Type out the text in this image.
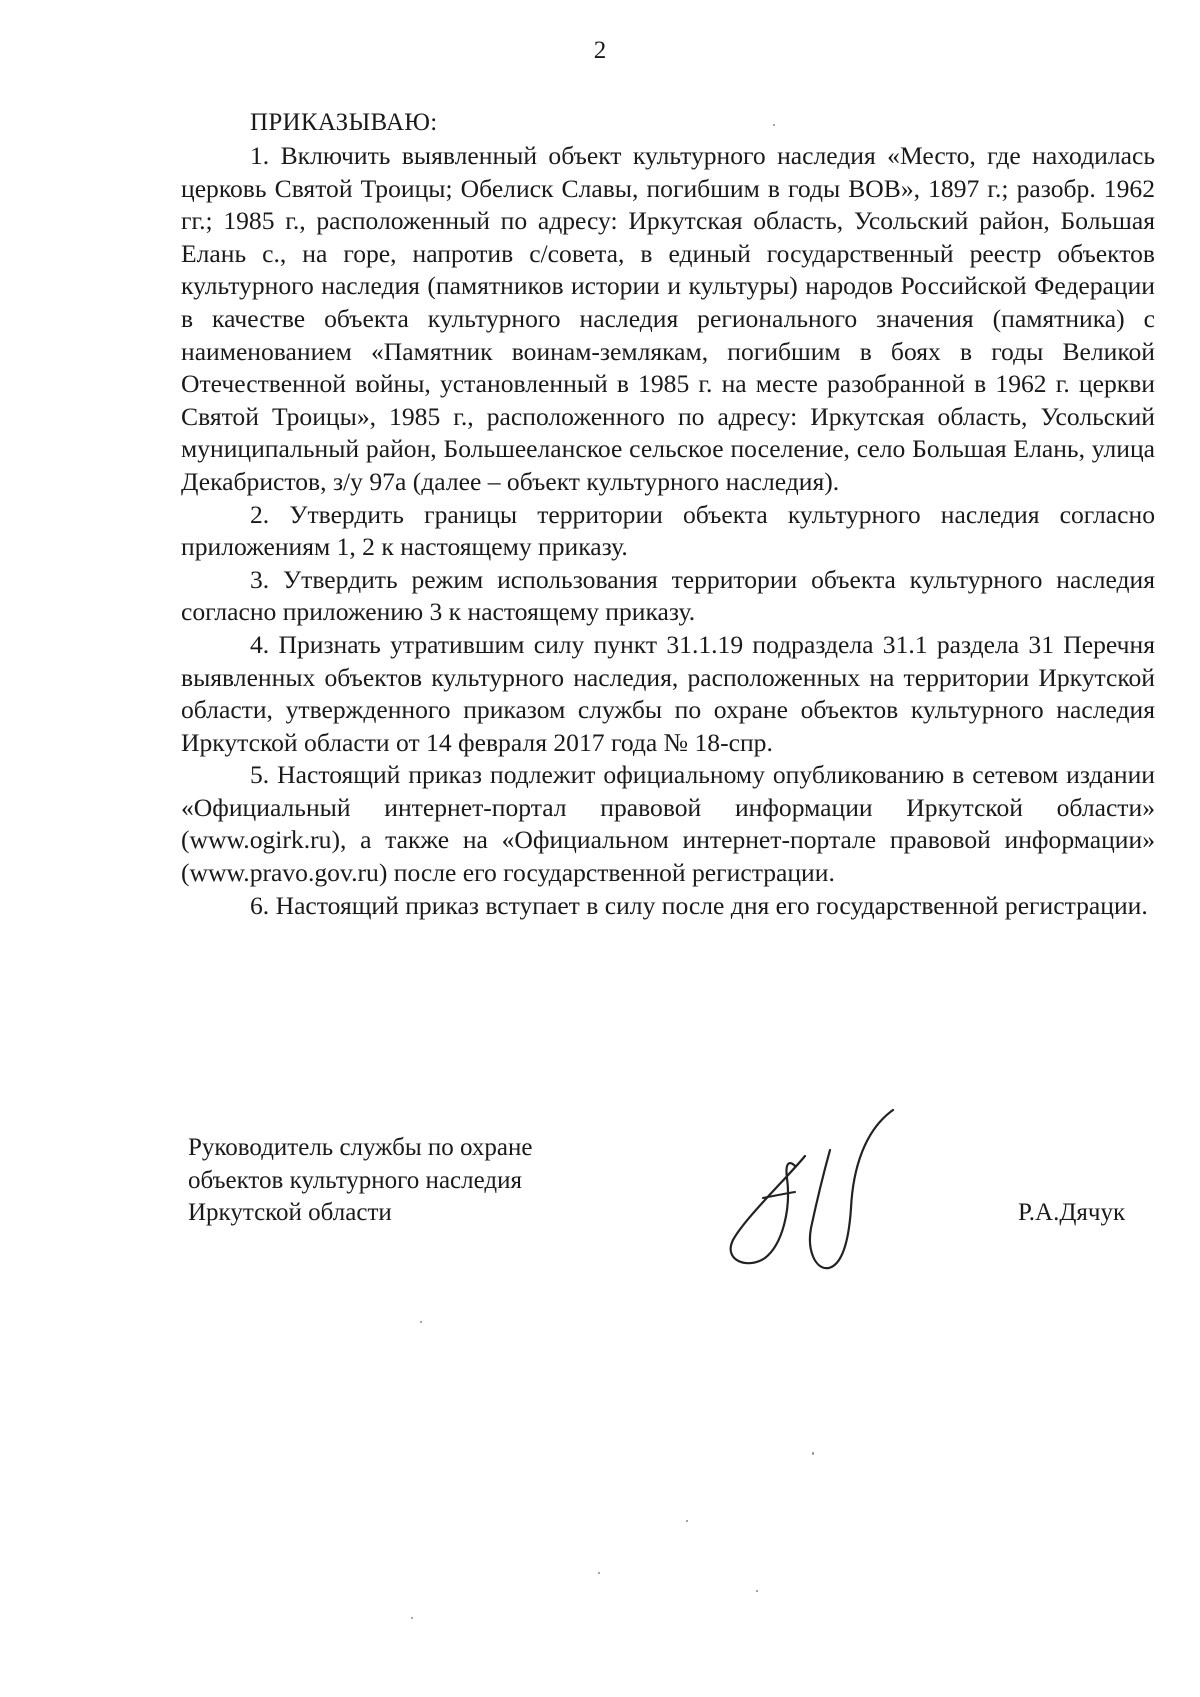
2
ПРИКАЗЫВАЮ:

1. Включить выявленный объект культурного наследия «Место, где находилась церковь Святой Троицы; Обелиск Славы, погибшим в годы ВОВ», 1897 г.; разобр. 1962 гг.; 1985 г., расположенный по адресу: Иркутская область, Усольский район, Большая Елань с., на горе, напротив с/совета, в единый государственный реестр объектов культурного наследия (памятников истории и культуры) народов Российской Федерации в качестве объекта культурного наследия регионального значения (памятника) с наименованием «Памятник воинам-землякам, погибшим в боях в годы Великой Отечественной войны, установленный в 1985 г. на месте разобранной в 1962 г. церкви Святой Троицы», 1985 г., расположенного по адресу: Иркутская область, Усольский муниципальный район, Большееланское сельское поселение, село Большая Елань, улица Декабристов, з/у 97а (далее – объект культурного наследия).

2. Утвердить границы территории объекта культурного наследия согласно приложениям 1, 2 к настоящему приказу.

3. Утвердить режим использования территории объекта культурного наследия согласно приложению 3 к настоящему приказу.

4. Признать утратившим силу пункт 31.1.19 подраздела 31.1 раздела 31 Перечня выявленных объектов культурного наследия, расположенных на территории Иркутской области, утвержденного приказом службы по охране объектов культурного наследия Иркутской области от 14 февраля 2017 года № 18-спр.

5. Настоящий приказ подлежит официальному опубликованию в сетевом издании «Официальный интернет-портал правовой информации Иркутской области» (www.ogirk.ru), а также на «Официальном интернет-портале правовой информации» (www.pravo.gov.ru) после его государственной регистрации.

6. Настоящий приказ вступает в силу после дня его государственной регистрации.

Руководитель службы по охране
объектов культурного наследия
Иркутской области	Р.А.Дячук
